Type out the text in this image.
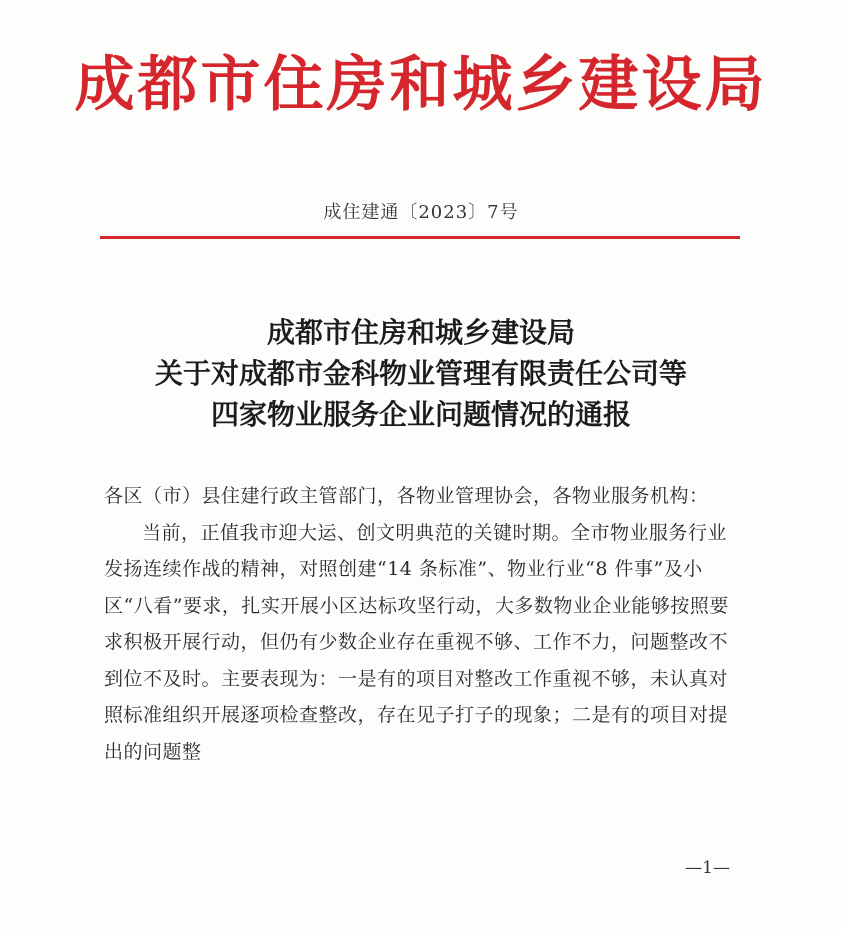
成都市住房和城乡建设局
成住建通〔2023〕7号
成都市住房和城乡建设局
关于对成都市金科物业管理有限责任公司等
四家物业服务企业问题情况的通报

各区（市）县住建行政主管部门，各物业管理协会，各物业服务机构：

当前，正值我市迎大运、创文明典范的关键时期。全市物业服务行业发扬连续作战的精神，对照创建“14 条标准”、物业行业“8 件事”及小区“八看”要求，扎实开展小区达标攻坚行动，大多数物业企业能够按照要求积极开展行动，但仍有少数企业存在重视不够、工作不力，问题整改不到位不及时。主要表现为：一是有的项目对整改工作重视不够，未认真对照标准组织开展逐项检查整改，存在见子打子的现象；二是有的项目对提出的问题整

—1—
